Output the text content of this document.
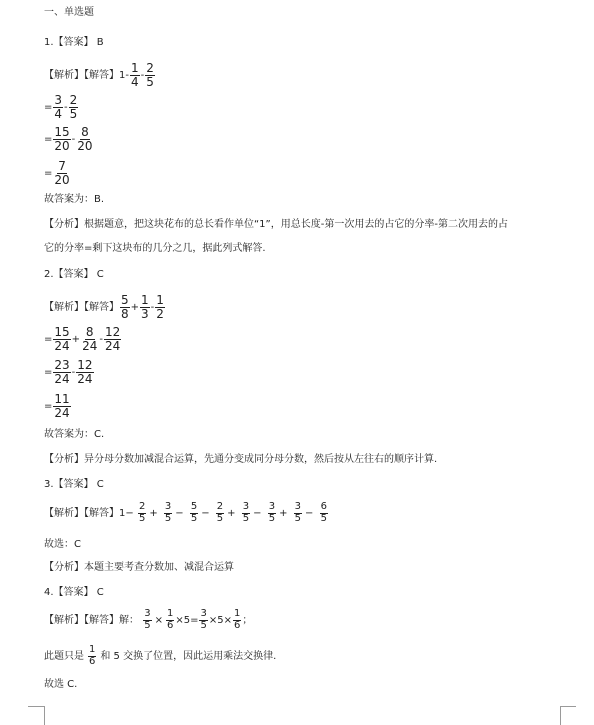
一、单选题
1.【答案】 B
【解析】【解答】$1- \frac{1}{4} - \frac{2}{5}$
= $\frac{3}{4} - \frac{2}{5}$
= $\frac{15}{20} - \frac{8}{20}$
= $\frac{7}{20}$
故答案为：B.
【分析】根据题意，把这块花布的总长看作单位“1”，用总长度-第一次用去的占它的分率-第二次用去的占
它的分率=剩下这块布的几分之几，据此列式解答.
2.【答案】 C
【解析】【解答】 $\frac{5}{8} + \frac{1}{3} - \frac{1}{2}$
= $\frac{15}{24} + \frac{8}{24} - \frac{12}{24}$
= $\frac{23}{24} - \frac{12}{24}$
= $\frac{11}{24}$
故答案为：C.
【分析】异分母分数加减混合运算，先通分变成同分母分数，然后按从左往右的顺序计算.
3.【答案】 C
【解析】【解答】$1- \frac{2}{5} + \frac{3}{5} - \frac{5}{5} - \frac{2}{5} + \frac{3}{5} - \frac{3}{5} + \frac{3}{5} - \frac{6}{5}$
故选：C
【分析】本题主要考查分数加、减混合运算
4.【答案】 C
【解析】【解答】解： $\frac{3}{5} \times \frac{1}{6} \times 5= \frac{3}{5} \times 5\times \frac{1}{6}$ ；
此题只是 $\frac{1}{6}$ 和 5 交换了位置，因此运用乘法交换律.
故选 C.
